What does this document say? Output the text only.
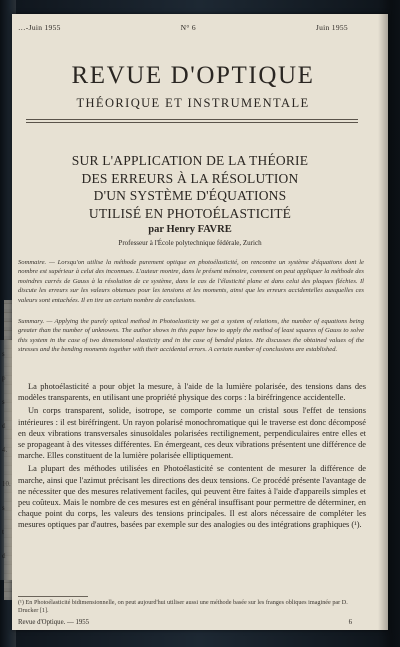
…-Juin 1955	N° 6	Juin 1955
REVUE D'OPTIQUE
THÉORIQUE ET INSTRUMENTALE
SUR L'APPLICATION DE LA THÉORIE
DES ERREURS À LA RÉSOLUTION
D'UN SYSTÈME D'ÉQUATIONS
UTILISÉ EN PHOTOÉLASTICITÉ
par Henry FAVRE
Professeur à l'École polytechnique fédérale, Zurich
Sommaire. — Lorsqu'on utilise la méthode purement optique en photoélasticité, on rencontre un système d'équations dont le nombre est supérieur à celui des inconnues. L'auteur montre, dans le présent mémoire, comment on peut appliquer la méthode des moindres carrés de Gauss à la résolution de ce système, dans le cas de l'élasticité plane et dans celui des plaques fléchies. Il discute les erreurs sur les valeurs obtenues pour les tensions et les moments, ainsi que les erreurs accidentelles auxquelles ces valeurs sont entachées. Il en tire un certain nombre de conclusions.
Summary. — Applying the purely optical method in Photoelasticity we get a system of relations, the number of equations being greater than the number of unknowns. The author shows in this paper how to apply the method of least squares of Gauss to solve this system in the case of two dimensional elasticity and in the case of bended plates. He discusses the obtained values of the stresses and the bending moments together with their accidental errors. A certain number of conclusions are established.

La photoélasticité a pour objet la mesure, à l'aide de la lumière polarisée, des tensions dans des modèles transparents, en utilisant une propriété physique des corps : la biréfringence accidentelle.

Un corps transparent, solide, isotrope, se comporte comme un cristal sous l'effet de tensions intérieures : il est biréfringent. Un rayon polarisé monochromatique qui le traverse est donc décomposé en deux vibrations transversales sinusoïdales polarisées rectilignement, perpendiculaires entre elles et se propageant à des vitesses différentes. En émergeant, ces deux vibrations présentent une différence de marche. Elles constituent de la lumière polarisée elliptiquement.

La plupart des méthodes utilisées en Photoélasticité se contentent de mesurer la différence de marche, ainsi que l'azimut précisant les directions des deux tensions. Ce procédé présente l'avantage de ne nécessiter que des mesures relativement faciles, qui peuvent être faites à l'aide d'appareils simples et peu coûteux. Mais le nombre de ces mesures est en général insuffisant pour permettre de déterminer, en chaque point du corps, les valeurs des tensions principales. Il est alors nécessaire de compléter les mesures optiques par d'autres, basées par exemple sur des analogies ou des intégrations graphiques (¹).

(¹) En Photoélasticité bidimensionnelle, on peut aujourd'hui utiliser aussi une méthode basée sur les franges obliques imaginée par D. Drucker [1].
Revue d'Optique. — 1955	6
s
p
s
d
4.
10.
s
t
d
